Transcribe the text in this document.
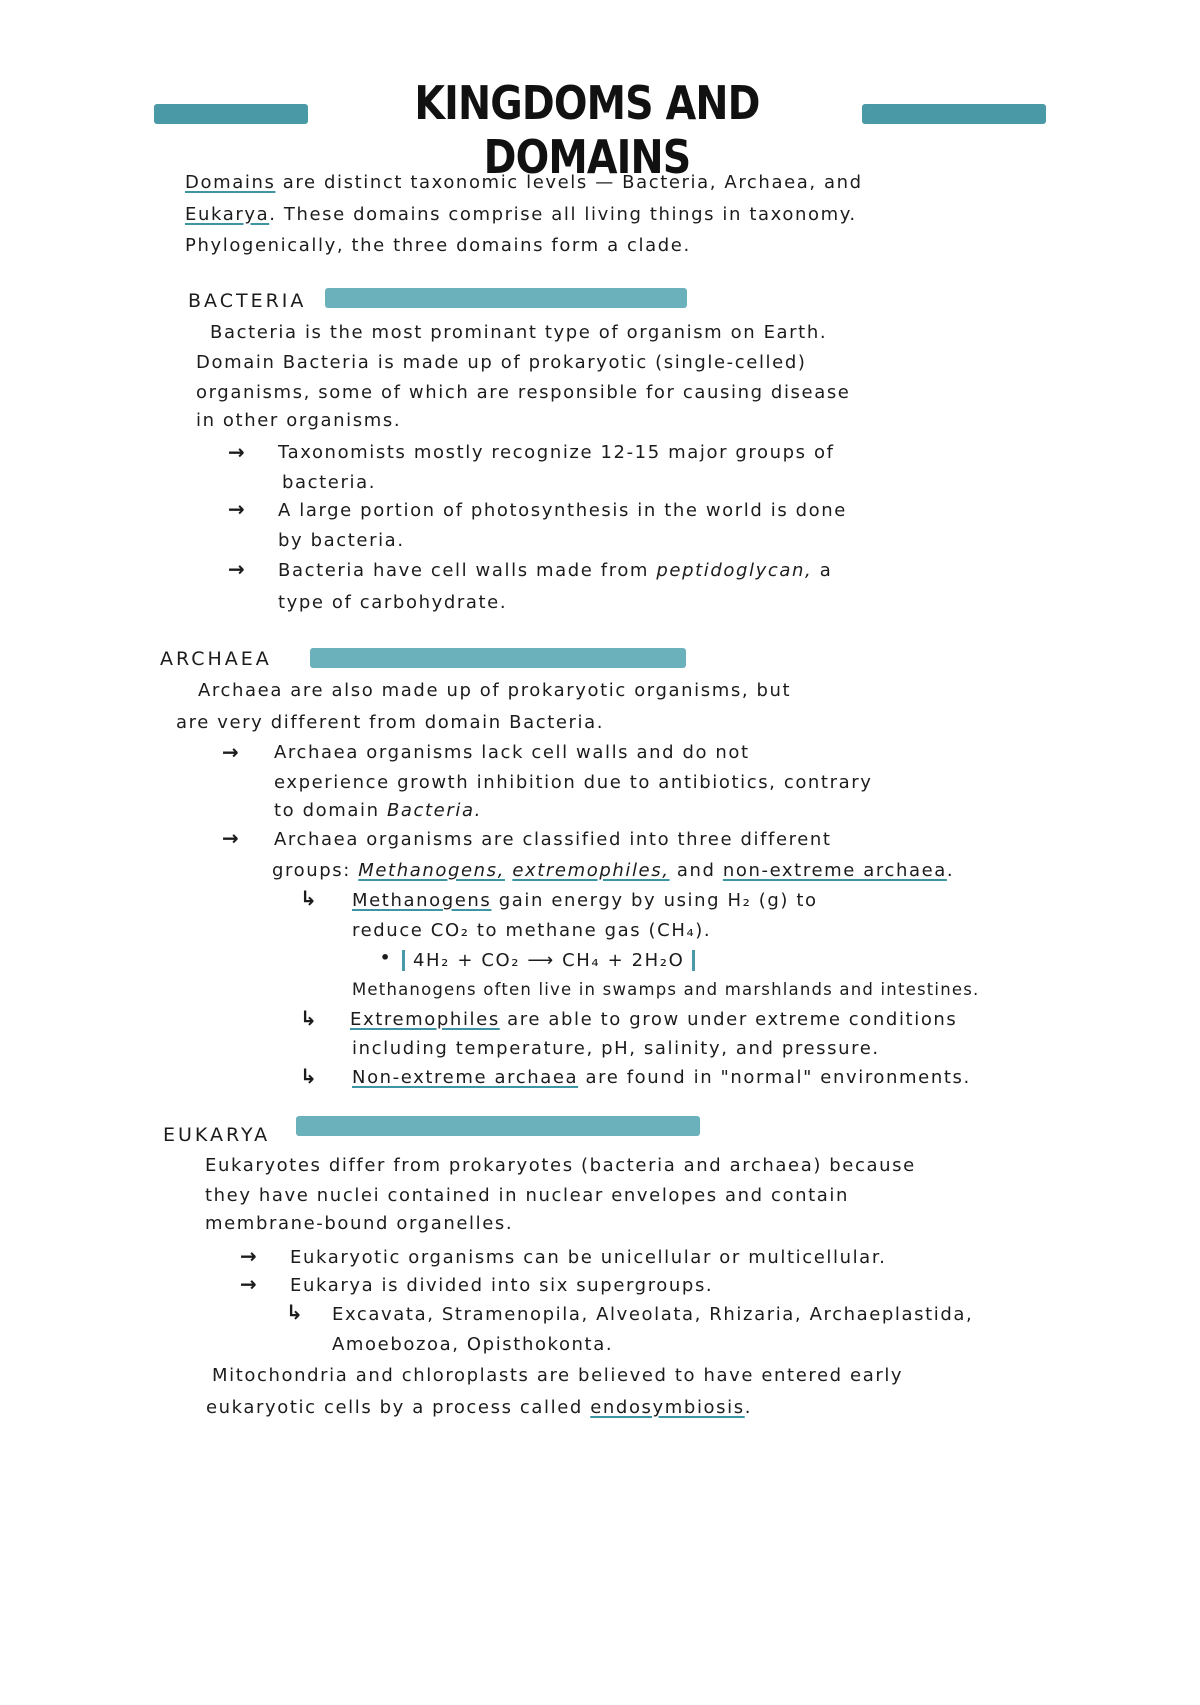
KINGDOMS AND DOMAINS
Domains are distinct taxonomic levels — Bacteria, Archaea, and
Eukarya. These domains comprise all living things in taxonomy.
Phylogenically, the three domains form a clade.
BACTERIA
Bacteria is the most prominant type of organism on Earth.
Domain Bacteria is made up of prokaryotic (single-celled)
organisms, some of which are responsible for causing disease
in other organisms.
→ Taxonomists mostly recognize 12-15 major groups of
bacteria.
→ A large portion of photosynthesis in the world is done
by bacteria.
→ Bacteria have cell walls made from peptidoglycan, a
type of carbohydrate.
ARCHAEA
Archaea are also made up of prokaryotic organisms, but
are very different from domain Bacteria.
→ Archaea organisms lack cell walls and do not
experience growth inhibition due to antibiotics, contrary
to domain Bacteria.
→ Archaea organisms are classified into three different
groups: Methanogens, extremophiles, and non-extreme archaea.
↳ Methanogens gain energy by using H₂ (g) to
reduce CO₂ to methane gas (CH₄).
•	4H₂ + CO₂ ⟶ CH₄ + 2H₂O
Methanogens often live in swamps and marshlands and intestines.
↳ Extremophiles are able to grow under extreme conditions
including temperature, pH, salinity, and pressure.
↳ Non-extreme archaea are found in "normal" environments.
EUKARYA
Eukaryotes differ from prokaryotes (bacteria and archaea) because
they have nuclei contained in nuclear envelopes and contain
membrane-bound organelles.
→ Eukaryotic organisms can be unicellular or multicellular.
→ Eukarya is divided into six supergroups.
↳ Excavata, Stramenopila, Alveolata, Rhizaria, Archaeplastida,
Amoebozoa, Opisthokonta.
Mitochondria and chloroplasts are believed to have entered early
eukaryotic cells by a process called endosymbiosis.
